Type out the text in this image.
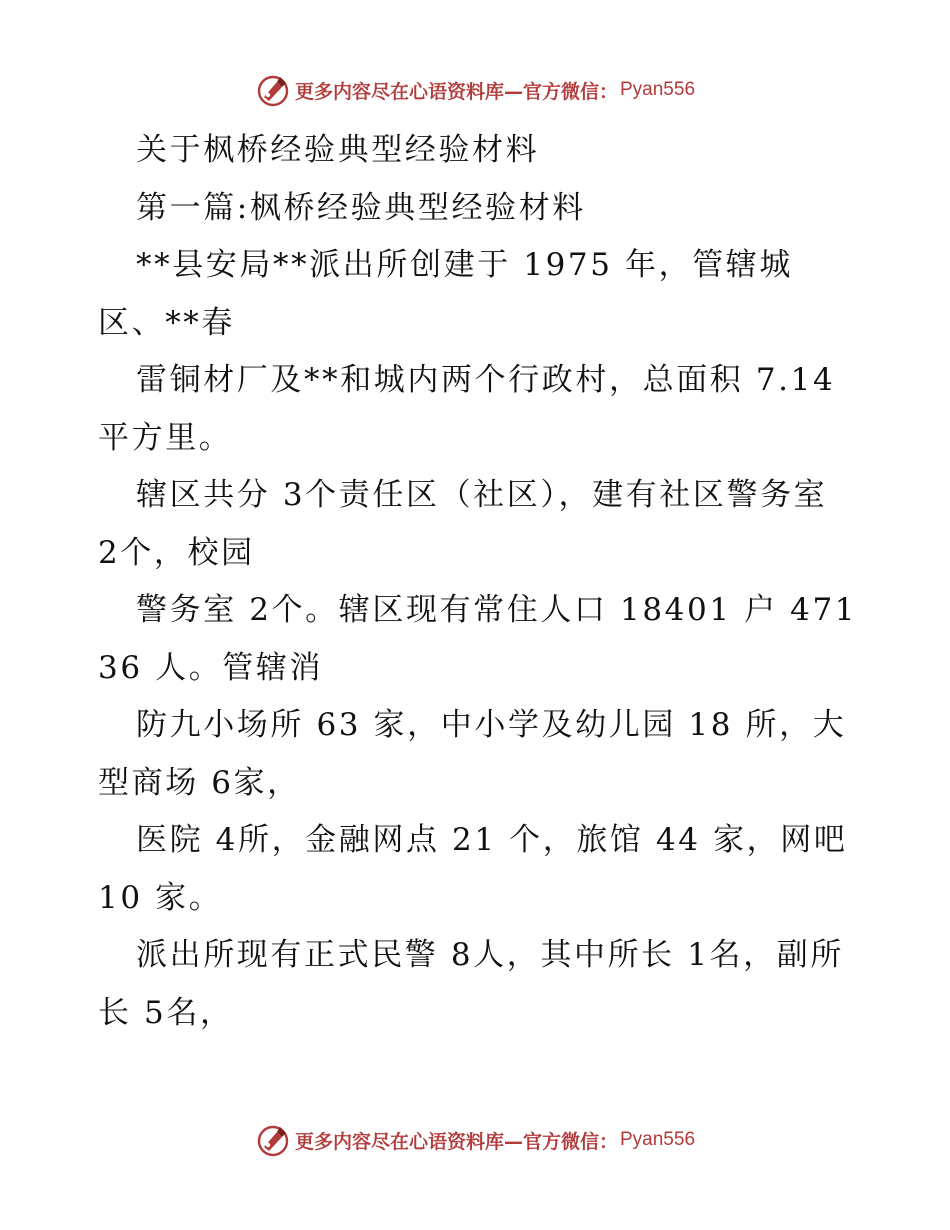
更多内容尽在心语资料库—官方微信： Pyan556

关于枫桥经验典型经验材料

第一篇:枫桥经验典型经验材料

**县安局**派出所创建于 1975 年，管辖城区、**春

雷铜材厂及**和城内两个行政村，总面积 7.14 平方里。

辖区共分 3个责任区（社区），建有社区警务室 2个，校园

警务室 2个。辖区现有常住人口 18401 户 47136 人。管辖消

防九小场所 63 家，中小学及幼儿园 18 所，大型商场 6家，

医院 4所，金融网点 21 个，旅馆 44 家，网吧 10 家。

派出所现有正式民警 8人，其中所长 1名，副所长 5名，

更多内容尽在心语资料库—官方微信： Pyan556
